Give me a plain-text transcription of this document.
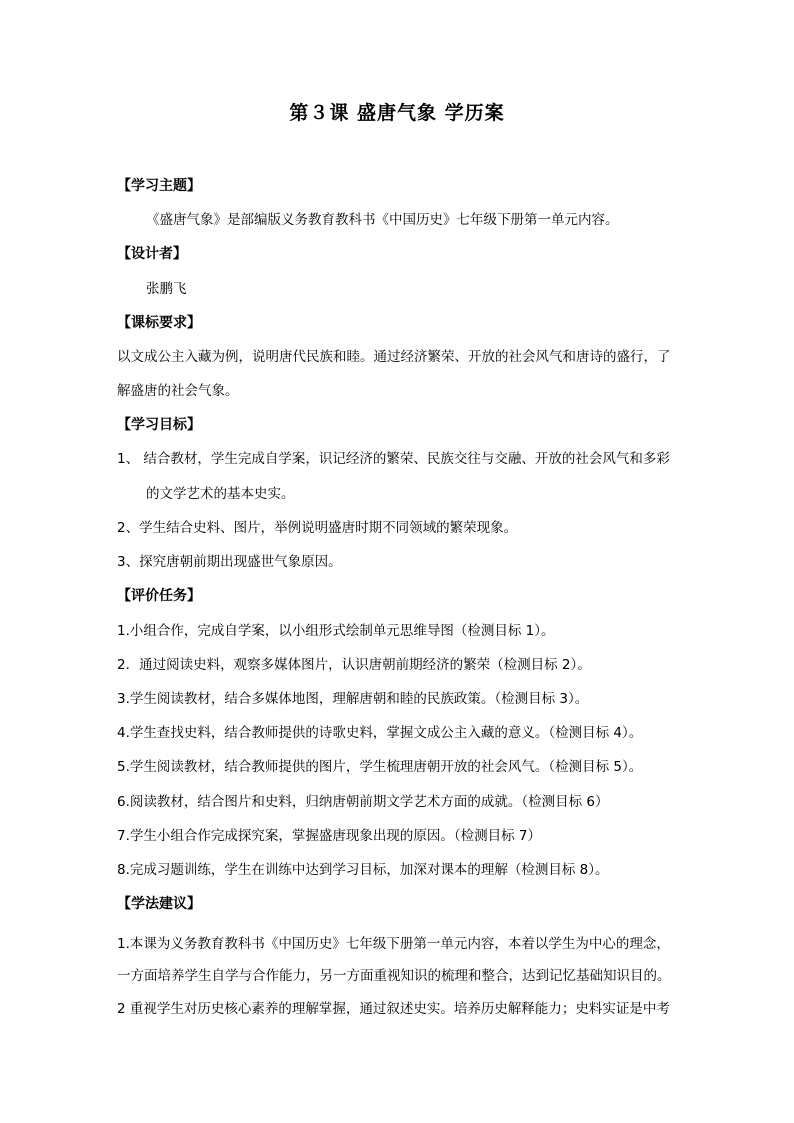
第３课 盛唐气象 学历案
【学习主题】
《盛唐气象》是部编版义务教育教科书《中国历史》七年级下册第一单元内容。
【设计者】
张鹏飞
【课标要求】
以文成公主入藏为例，说明唐代民族和睦。通过经济繁荣、开放的社会风气和唐诗的盛行，了
解盛唐的社会气象。
【学习目标】
1、 结合教材，学生完成自学案，识记经济的繁荣、民族交往与交融、开放的社会风气和多彩
的文学艺术的基本史实。
2、学生结合史料、图片，举例说明盛唐时期不同领域的繁荣现象。
3、探究唐朝前期出现盛世气象原因。
【评价任务】
1.小组合作，完成自学案，以小组形式绘制单元思维导图（检测目标 1）。
2．通过阅读史料，观察多媒体图片，认识唐朝前期经济的繁荣（检测目标 2）。
3.学生阅读教材，结合多媒体地图，理解唐朝和睦的民族政策。（检测目标 3）。
4.学生查找史料，结合教师提供的诗歌史料，掌握文成公主入藏的意义。（检测目标 4）。
5.学生阅读教材，结合教师提供的图片，学生梳理唐朝开放的社会风气。（检测目标 5）。
6.阅读教材，结合图片和史料，归纳唐朝前期文学艺术方面的成就。（检测目标 6）
7.学生小组合作完成探究案，掌握盛唐现象出现的原因。（检测目标 7）
8.完成习题训练，学生在训练中达到学习目标，加深对课本的理解（检测目标 8）。
【学法建议】
1.本课为义务教育教科书《中国历史》七年级下册第一单元内容，本着以学生为中心的理念，
一方面培养学生自学与合作能力，另一方面重视知识的梳理和整合，达到记忆基础知识目的。
2 重视学生对历史核心素养的理解掌握，通过叙述史实。培养历史解释能力；史料实证是中考
